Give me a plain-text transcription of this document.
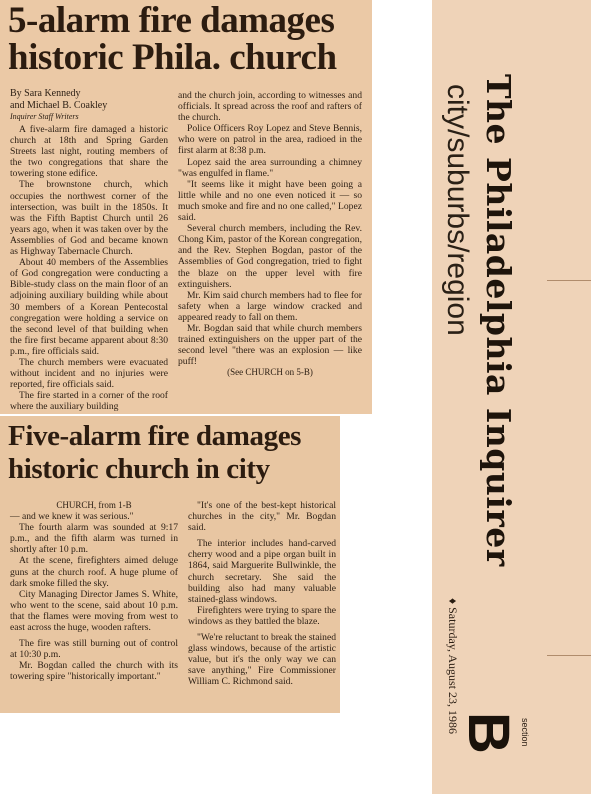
5-alarm fire damages
historic Phila. church
By Sara Kennedy
and Michael B. Coakley
Inquirer Staff Writers

A five-alarm fire damaged a historic church at 18th and Spring Garden Streets last night, routing members of the two congregations that share the towering stone edifice.

The brownstone church, which occupies the northwest corner of the intersection, was built in the 1850s. It was the Fifth Baptist Church until 26 years ago, when it was taken over by the Assemblies of God and became known as Highway Tabernacle Church.

About 40 members of the Assemblies of God congregation were conducting a Bible-study class on the main floor of an adjoining auxiliary building while about 30 members of a Korean Pentecostal congregation were holding a service on the second level of that building when the fire first became apparent about 8:30 p.m., fire officials said.

The church members were evacuated without incident and no injuries were reported, fire officials said.

The fire started in a corner of the roof where the auxiliary building

and the church join, according to witnesses and officials. It spread across the roof and rafters of the church.

Police Officers Roy Lopez and Steve Bennis, who were on patrol in the area, radioed in the first alarm at 8:38 p.m.

Lopez said the area surrounding a chimney "was engulfed in flame."

"It seems like it might have been going a little while and no one even noticed it — so much smoke and fire and no one called," Lopez said.

Several church members, including the Rev. Chong Kim, pastor of the Korean congregation, and the Rev. Stephen Bogdan, pastor of the Assemblies of God congregation, tried to fight the blaze on the upper level with fire extinguishers.

Mr. Kim said church members had to flee for safety when a large window cracked and appeared ready to fall on them.

Mr. Bogdan said that while church members trained extinguishers on the upper part of the second level "there was an explosion — like puff!

(See CHURCH on 5-B)

Five-alarm fire damages
historic church in city

CHURCH, from 1-B

— and we knew it was serious."

The fourth alarm was sounded at 9:17 p.m., and the fifth alarm was turned in shortly after 10 p.m.

At the scene, firefighters aimed deluge guns at the church roof. A huge plume of dark smoke filled the sky.

City Managing Director James S. White, who went to the scene, said about 10 p.m. that the flames were moving from west to east across the huge, wooden rafters.

The fire was still burning out of control at 10:30 p.m.

Mr. Bogdan called the church with its towering spire "historically important."

"It's one of the best-kept historical churches in the city," Mr. Bogdan said.

The interior includes hand-carved cherry wood and a pipe organ built in 1864, said Marguerite Bullwinkle, the church secretary. She said the building also had many valuable stained-glass windows.

Firefighters were trying to spare the windows as they battled the blaze.

"We're reluctant to break the stained glass windows, because of the artistic value, but it's the only way we can save anything," Fire Commissioner William C. Richmond said.

The Philadelphia Inquirer
city/suburbs/region
♦ Saturday, August 23, 1986	section
B
